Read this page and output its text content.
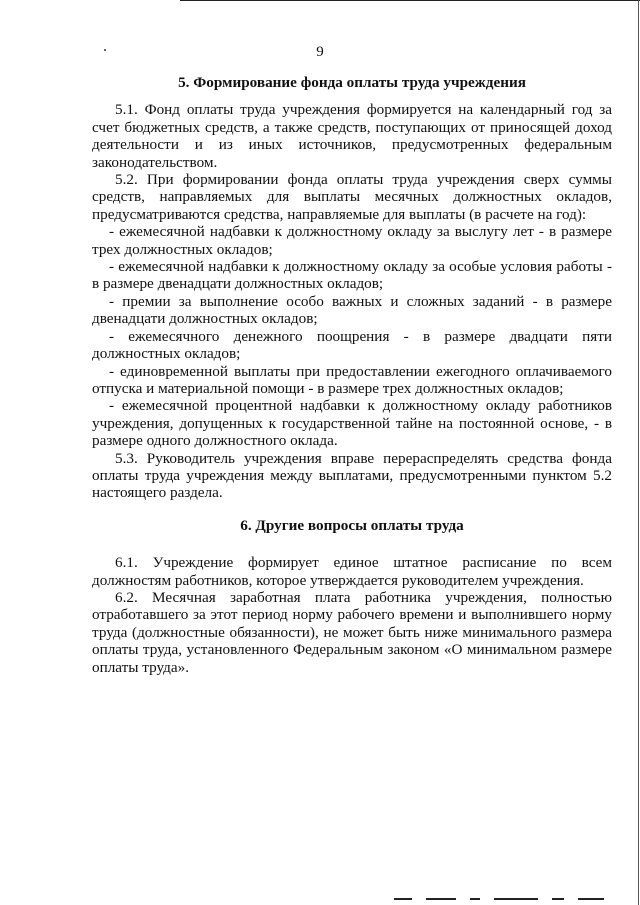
9
5. Формирование фонда оплаты труда учреждения

5.1. Фонд оплаты труда учреждения формируется на календарный год за счет бюджетных средств, а также средств, поступающих от приносящей доход деятельности и из иных источников, предусмотренных федеральным законодательством.

5.2. При формировании фонда оплаты труда учреждения сверх суммы средств, направляемых для выплаты месячных должностных окладов, предусматриваются средства, направляемые для выплаты (в расчете на год):

- ежемесячной надбавки к должностному окладу за выслугу лет - в размере трех должностных окладов;

- ежемесячной надбавки к должностному окладу за особые условия работы - в размере двенадцати должностных окладов;

- премии за выполнение особо важных и сложных заданий - в размере двенадцати должностных окладов;

- ежемесячного денежного поощрения - в размере двадцати пяти должностных окладов;

- единовременной выплаты при предоставлении ежегодного оплачиваемого отпуска и материальной помощи - в размере трех должностных окладов;

- ежемесячной процентной надбавки к должностному окладу работников учреждения, допущенных к государственной тайне на постоянной основе, - в размере одного должностного оклада.

5.3. Руководитель учреждения вправе перераспределять средства фонда оплаты труда учреждения между выплатами, предусмотренными пунктом 5.2 настоящего раздела.

6. Другие вопросы оплаты труда

6.1. Учреждение формирует единое штатное расписание по всем должностям работников, которое утверждается руководителем учреждения.

6.2. Месячная заработная плата работника учреждения, полностью отработавшего за этот период норму рабочего времени и выполнившего норму труда (должностные обязанности), не может быть ниже минимального размера оплаты труда, установленного Федеральным законом «О минимальном размере оплаты труда».
